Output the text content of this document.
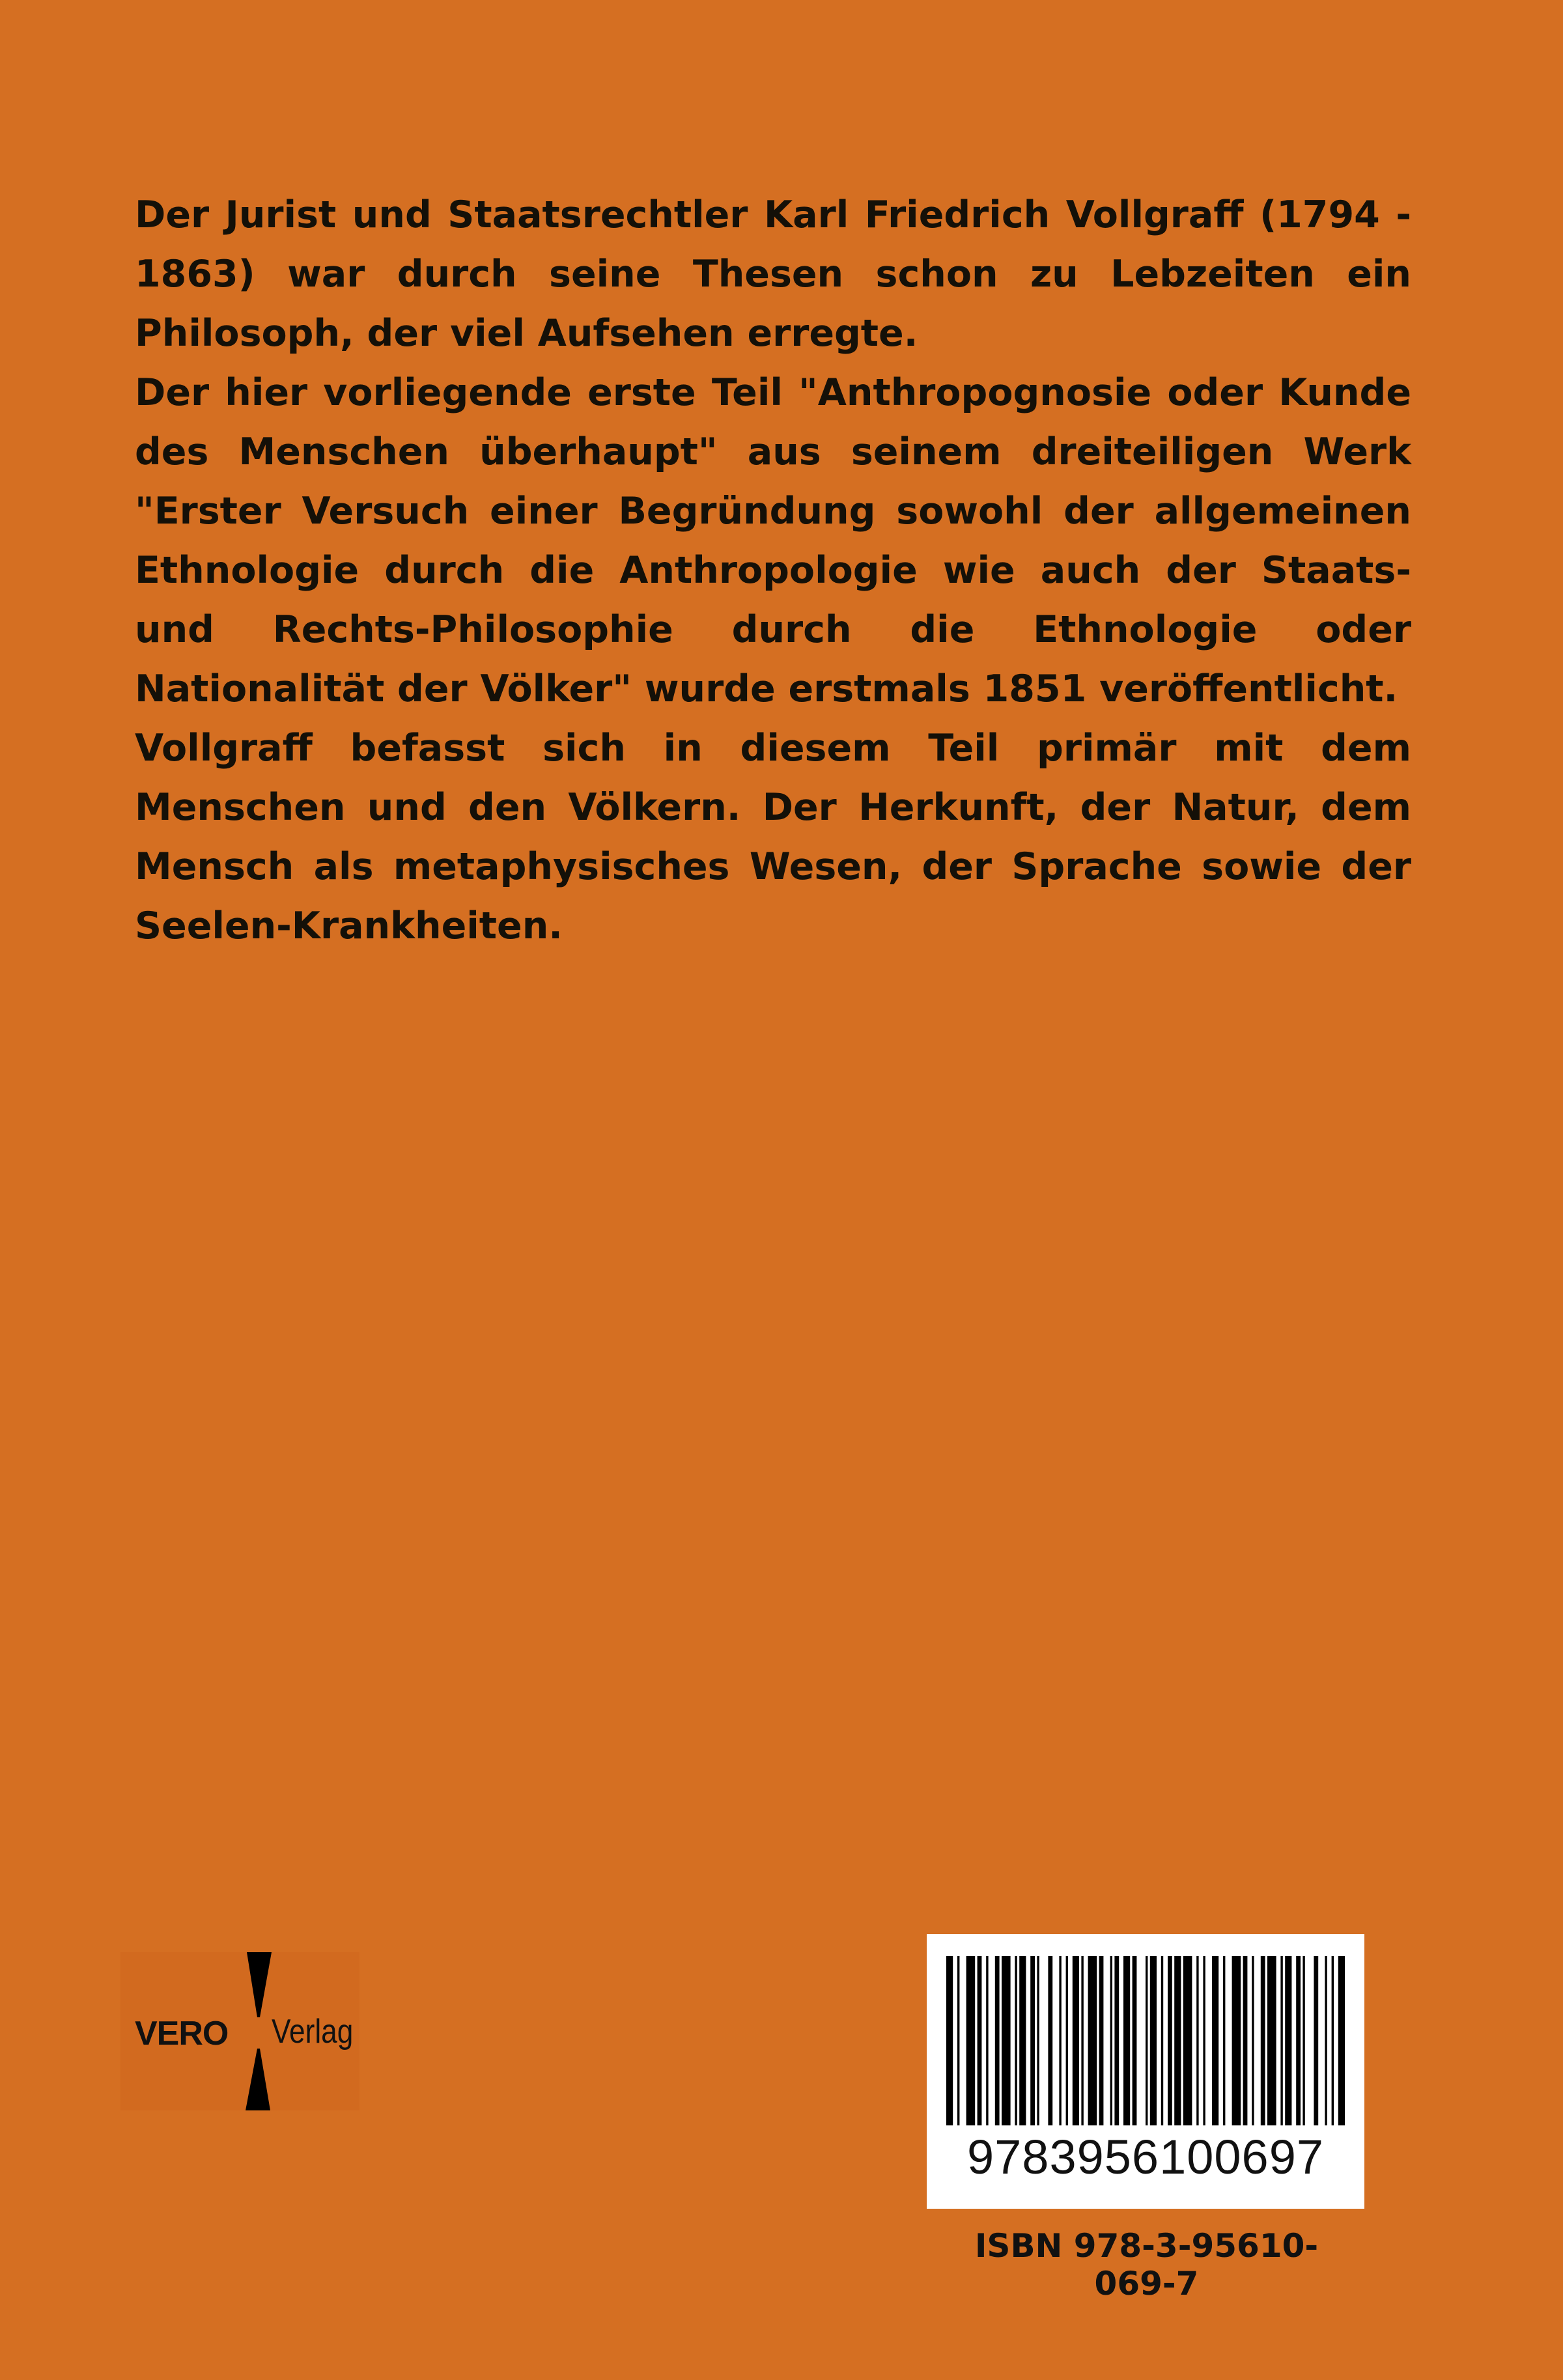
Der Jurist und Staatsrechtler Karl Friedrich Vollgraff (1794 - 1863) war durch seine Thesen schon zu Lebzeiten ein Philosoph, der viel Aufsehen erregte.

Der hier vorliegende erste Teil "Anthropognosie oder Kunde des Menschen überhaupt" aus seinem dreiteiligen Werk "Erster Versuch einer Begründung sowohl der allgemeinen Ethnologie durch die Anthropologie wie auch der Staats- und Rechts-Philosophie durch die Ethnologie oder Nationalität der Völker" wurde erstmals 1851 veröffentlicht.

Vollgraff befasst sich in diesem Teil primär mit dem Menschen und den Völkern. Der Herkunft, der Natur, dem Mensch als metaphysisches Wesen, der Sprache sowie der Seelen-Krankheiten.

VERO Verlag
9783956100697
ISBN 978-3-95610-069-7
